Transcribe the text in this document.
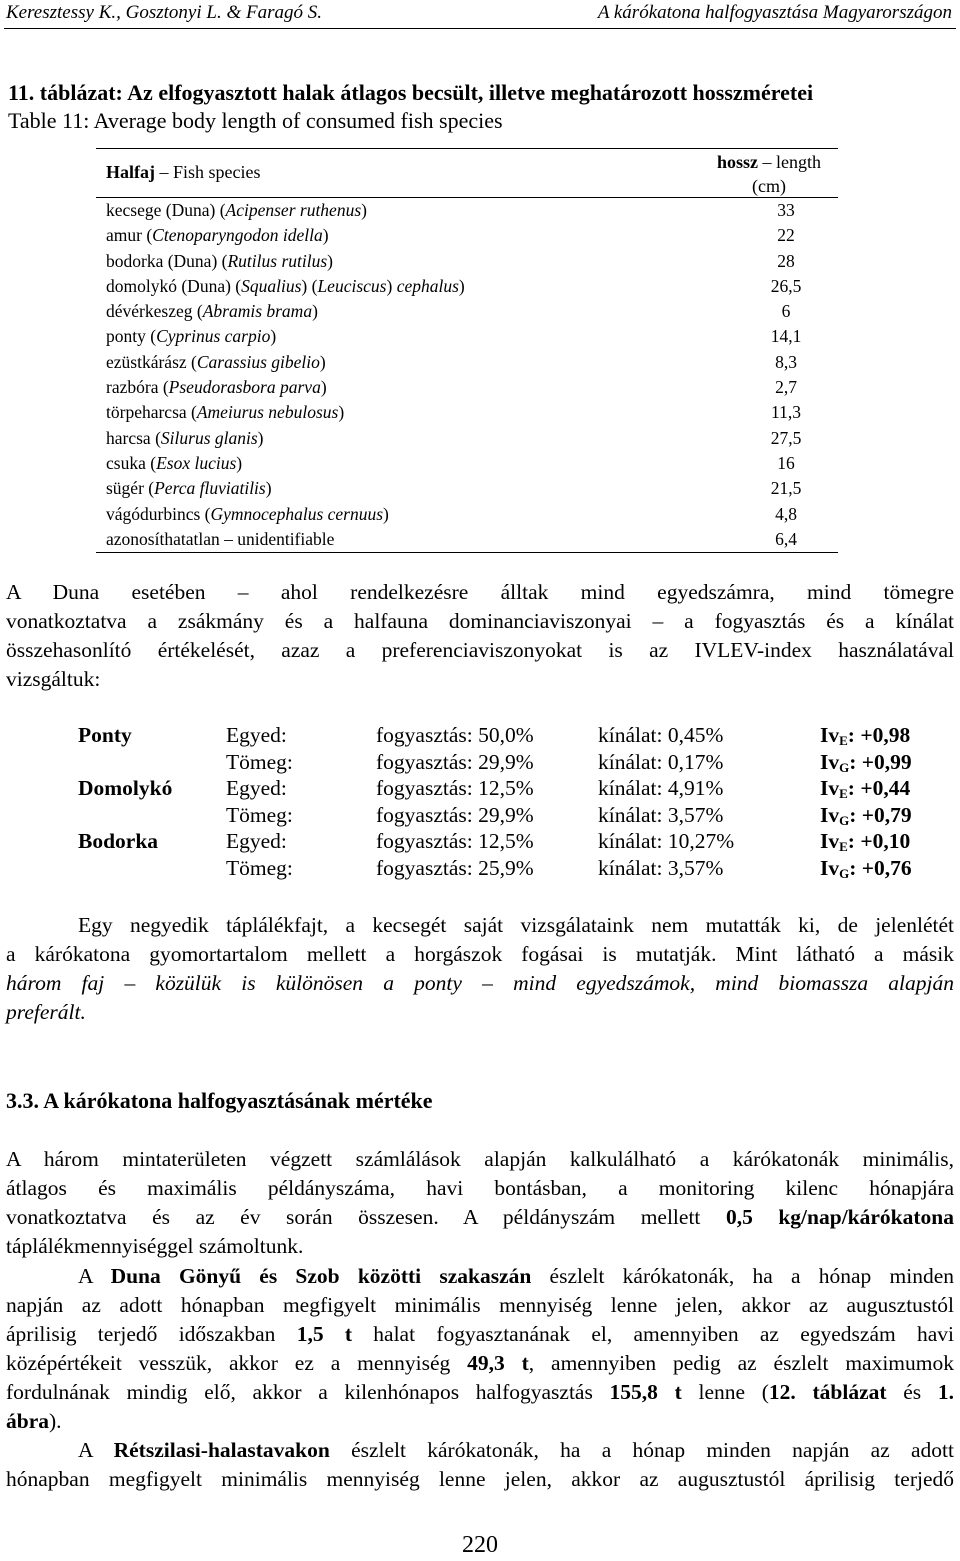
Keresztessy K., Gosztonyi L. & Faragó S.	A kárókatona halfogyasztása Magyarországon
11. táblázat: Az elfogyasztott halak átlagos becsült, illetve meghatározott hosszméretei
Table 11: Average body length of consumed fish species
Halfaj – Fish species	hossz – length
(cm)
kecsege (Duna) (Acipenser ruthenus)	33
amur (Ctenoparyngodon idella)	22
bodorka (Duna) (Rutilus rutilus)	28
domolykó (Duna) (Squalius) (Leuciscus) cephalus)	26,5
dévérkeszeg (Abramis brama)	6
ponty (Cyprinus carpio)	14,1
ezüstkárász (Carassius gibelio)	8,3
razbóra (Pseudorasbora parva)	2,7
törpeharcsa (Ameiurus nebulosus)	11,3
harcsa (Silurus glanis)	27,5
csuka (Esox lucius)	16
sügér (Perca fluviatilis)	21,5
vágódurbincs (Gymnocephalus cernuus)	4,8
azonosíthatatlan – unidentifiable	6,4
A Duna esetében – ahol rendelkezésre álltak mind egyedszámra, mind tömegre
vonatkoztatva a zsákmány és a halfauna dominanciaviszonyai – a fogyasztás és a kínálat
összehasonlító értékelését, azaz a preferenciaviszonyokat is az IVLEV-index használatával
vizsgáltuk:
Ponty	Egyed:	fogyasztás: 50,0%	kínálat: 0,45%	$Iv_E$: +0,98
Tömeg:	fogyasztás: 29,9%	kínálat: 0,17%	$Iv_G$: +0,99
Domolykó Egyed:	fogyasztás: 12,5%	kínálat: 4,91%	$Iv_E$: +0,44
Tömeg:	fogyasztás: 29,9%	kínálat: 3,57%	$Iv_G$: +0,79
Bodorka	Egyed:	fogyasztás: 12,5%	kínálat: 10,27%	$Iv_E$: +0,10
Tömeg:	fogyasztás: 25,9%	kínálat: 3,57%	$Iv_G$: +0,76
Egy negyedik táplálékfajt, a kecsegét saját vizsgálataink nem mutatták ki, de jelenlétét
a kárókatona gyomortartalom mellett a horgászok fogásai is mutatják. Mint látható a másik
három faj – közülük is különösen a ponty – mind egyedszámok, mind biomassza alapján
preferált.
3.3. A kárókatona halfogyasztásának mértéke
A három mintaterületen végzett számlálások alapján kalkulálható a kárókatonák minimális,
átlagos és maximális példányszáma, havi bontásban, a monitoring kilenc hónapjára
vonatkoztatva és az év során összesen. A példányszám mellett 0,5 kg/nap/kárókatona
táplálékmennyiséggel számoltunk.
A Duna Gönyű és Szob közötti szakaszán észlelt kárókatonák, ha a hónap minden
napján az adott hónapban megfigyelt minimális mennyiség lenne jelen, akkor az augusztustól
áprilisig terjedő időszakban 1,5 t halat fogyasztanának el, amennyiben az egyedszám havi
középértékeit vesszük, akkor ez a mennyiség 49,3 t, amennyiben pedig az észlelt maximumok
fordulnának mindig elő, akkor a kilenhónapos halfogyasztás 155,8 t lenne (12. táblázat és 1.
ábra).
A Rétszilasi-halastavakon észlelt kárókatonák, ha a hónap minden napján az adott
hónapban megfigyelt minimális mennyiség lenne jelen, akkor az augusztustól áprilisig terjedő
220
